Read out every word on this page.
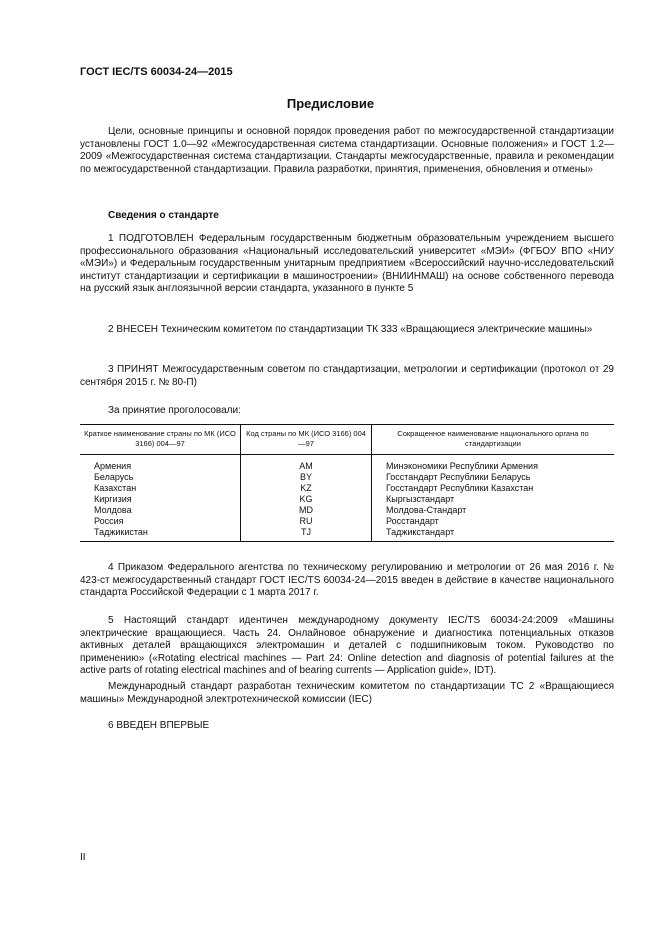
ГОСТ IEC/TS 60034-24—2015
Предисловие

Цели, основные принципы и основной порядок проведения работ по межгосударственной стандартизации установлены ГОСТ 1.0—92 «Межгосударственная система стандартизации. Основные положения» и ГОСТ 1.2—2009 «Межгосударственная система стандартизации. Стандарты межгосударственные, правила и рекомендации по межгосударственной стандартизации. Правила разработки, принятия, применения, обновления и отмены»

Сведения о стандарте

1 ПОДГОТОВЛЕН Федеральным государственным бюджетным образовательным учреждением высшего профессионального образования «Национальный исследовательский университет «МЭИ» (ФГБОУ ВПО «НИУ «МЭИ») и Федеральным государственным унитарным предприятием «Всероссийский научно-исследовательский институт стандартизации и сертификации в машиностроении» (ВНИИНМАШ) на основе собственного перевода на русский язык англоязычной версии стандарта, указанного в пункте 5

2 ВНЕСЕН Техническим комитетом по стандартизации ТК 333 «Вращающиеся электрические машины»

3 ПРИНЯТ Межгосударственным советом по стандартизации, метрологии и сертификации (протокол от 29 сентября 2015 г. № 80-П)

За принятие проголосовали:
Краткое наименование страны по МК (ИСО 3166) 004—97	Код страны по МК (ИСО 3166) 004—97	Сокращенное наименование национального органа по стандартизации
Армения	AM	Минэкономики Республики Армения
Беларусь	BY	Госстандарт Республики Беларусь
Казахстан	KZ	Госстандарт Республики Казахстан
Киргизия	KG	Кыргызстандарт
Молдова	MD	Молдова-Стандарт
Россия	RU	Росстандарт
Таджикистан	TJ	Таджикстандарт

4 Приказом Федерального агентства по техническому регулированию и метрологии от 26 мая 2016 г. № 423-ст межгосударственный стандарт ГОСТ IEC/TS 60034-24—2015 введен в действие в качестве национального стандарта Российской Федерации с 1 марта 2017 г.

5 Настоящий стандарт идентичен международному документу IEC/TS 60034-24:2009 «Машины электрические вращающиеся. Часть 24. Онлайновое обнаружение и диагностика потенциальных отказов активных деталей вращающихся электромашин и деталей с подшипниковым током. Руководство по применению» («Rotating electrical machines — Part 24: Online detection and diagnosis of potential failures at the active parts of rotating electrical machines and of bearing currents — Application guide», IDT).

Международный стандарт разработан техническим комитетом по стандартизации ТС 2 «Вращающиеся машины» Международной электротехнической комиссии (IEC)

6 ВВЕДЕН ВПЕРВЫЕ

II
